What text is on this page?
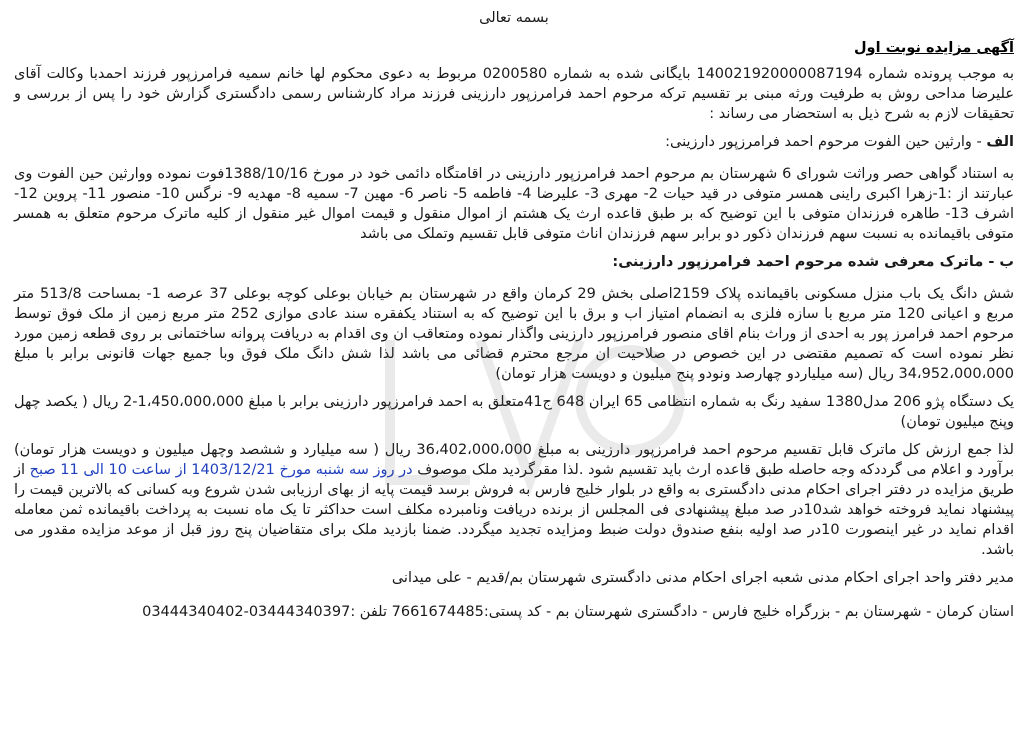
بسمه تعالی
آگهی مزایده نوبت اول

به موجب پرونده شماره 140021920000087194 بایگانی شده به شماره 0200580 مربوط به دعوی محکوم لها خانم سمیه فرامرزپور فرزند احمدبا وکالت آقای علیرضا مداحی روش به طرفیت ورثه مبنی بر تقسیم ترکه مرحوم احمد فرامرزپور دارزینی فرزند مراد کارشناس رسمی دادگستری گزارش خود را پس از بررسی و تحقیقات لازم به شرح ذیل به استحضار می رساند :

الف - وارثین حین الفوت مرحوم احمد فرامرزپور دارزینی:

به استناد گواهی حصر وراثت شورای 6 شهرستان بم مرحوم احمد فرامرزپور دارزینی در اقامتگاه دائمی خود در مورخ 1388/10/16فوت نموده ووارثین حین الفوت وی عبارتند از :1-زهرا اکبری راینی همسر متوفی در قید حیات 2- مهری 3- علیرضا 4- فاطمه 5- ناصر 6- مهین 7- سمیه 8- مهدیه 9- نرگس 10- منصور 11- پروین 12- اشرف 13- طاهره فرزندان متوفی با این توضیح که بر طبق قاعده ارث یک هشتم از اموال منقول و قیمت اموال غیر منقول از کلیه ماترک مرحوم متعلق به همسر متوفی باقیمانده به نسبت سهم فرزندان ذکور دو برابر سهم فرزندان اناث متوفی قابل تقسیم وتملک می باشد

ب - ماترک معرفی شده مرحوم احمد فرامرزپور دارزینی:

شش دانگ یک باب منزل مسکونی باقیمانده پلاک 2159اصلی بخش 29 کرمان واقع در شهرستان بم خیابان بوعلی کوچه بوعلی 37 عرصه 1- بمساحت 513/8 متر مربع و اعیانی 120 متر مربع با سازه فلزی به انضمام امتیاز اب و برق با این توضیح که به استناد یکفقره سند عادی موازی 252 متر مربع زمین از ملک فوق توسط مرحوم احمد فرامرز پور به احدی از وراث بنام اقای منصور فرامرزپور دارزینی واگذار نموده ومتعاقب ان وی اقدام به دریافت پروانه ساختمانی بر روی قطعه زمین مورد نظر نموده است که تصمیم مقتضی در این خصوص در صلاحیت ان مرجع محترم قضائی می باشد لذا شش دانگ ملک فوق وبا جمیع جهات قانونی برابر با مبلغ 34،952،000،000 ریال (سه میلیاردو چهارصد ونودو پنج میلیون و دویست هزار تومان)

یک دستگاه پژو 206 مدل1380 سفید رنگ به شماره انتظامی 65 ایران 648 ج41متعلق به احمد فرامرزپور دارزینی برابر با مبلغ 1،450،000،000-2 ریال ( یکصد چهل وپنج میلیون تومان)

لذا جمع ارزش کل ماترک قابل تقسیم مرحوم احمد فرامرزپور دارزینی به مبلغ 36،402،000،000 ریال ( سه میلیارد و ششصد وچهل میلیون و دویست هزار تومان) برآورد و اعلام می گرددکه وجه حاصله طبق قاعده ارث باید تقسیم شود .لذا مقرگردید ملک موصوف در روز سه شنبه مورخ 1403/12/21 از ساعت 10 الی 11 صبح از طریق مزایده در دفتر اجرای احکام مدنی دادگستری به واقع در بلوار خلیج فارس به فروش برسد قیمت پایه از بهای ارزیابی شدن شروع وبه کسانی که بالاترین قیمت را پیشنهاد نماید فروخته خواهد شد10در صد مبلغ پیشنهادی فی المجلس از برنده دریافت ونامبرده مکلف است حداکثر تا یک ماه نسبت به پرداخت باقیمانده ثمن معامله اقدام نماید در غیر اینصورت 10در صد اولیه بنفع صندوق دولت ضبط ومزایده تجدید میگردد. ضمنا بازدید ملک برای متقاضیان پنج روز قبل از موعد مزایده مقدور می باشد.

مدیر دفتر واحد اجرای احکام مدنی شعبه اجرای احکام مدنی دادگستری شهرستان بم/قدیم - علی میدانی
استان کرمان - شهرستان بم - بزرگراه خلیج فارس - دادگستری شهرستان بم - کد پستی:7661674485 تلفن :03444340397-03444340402
